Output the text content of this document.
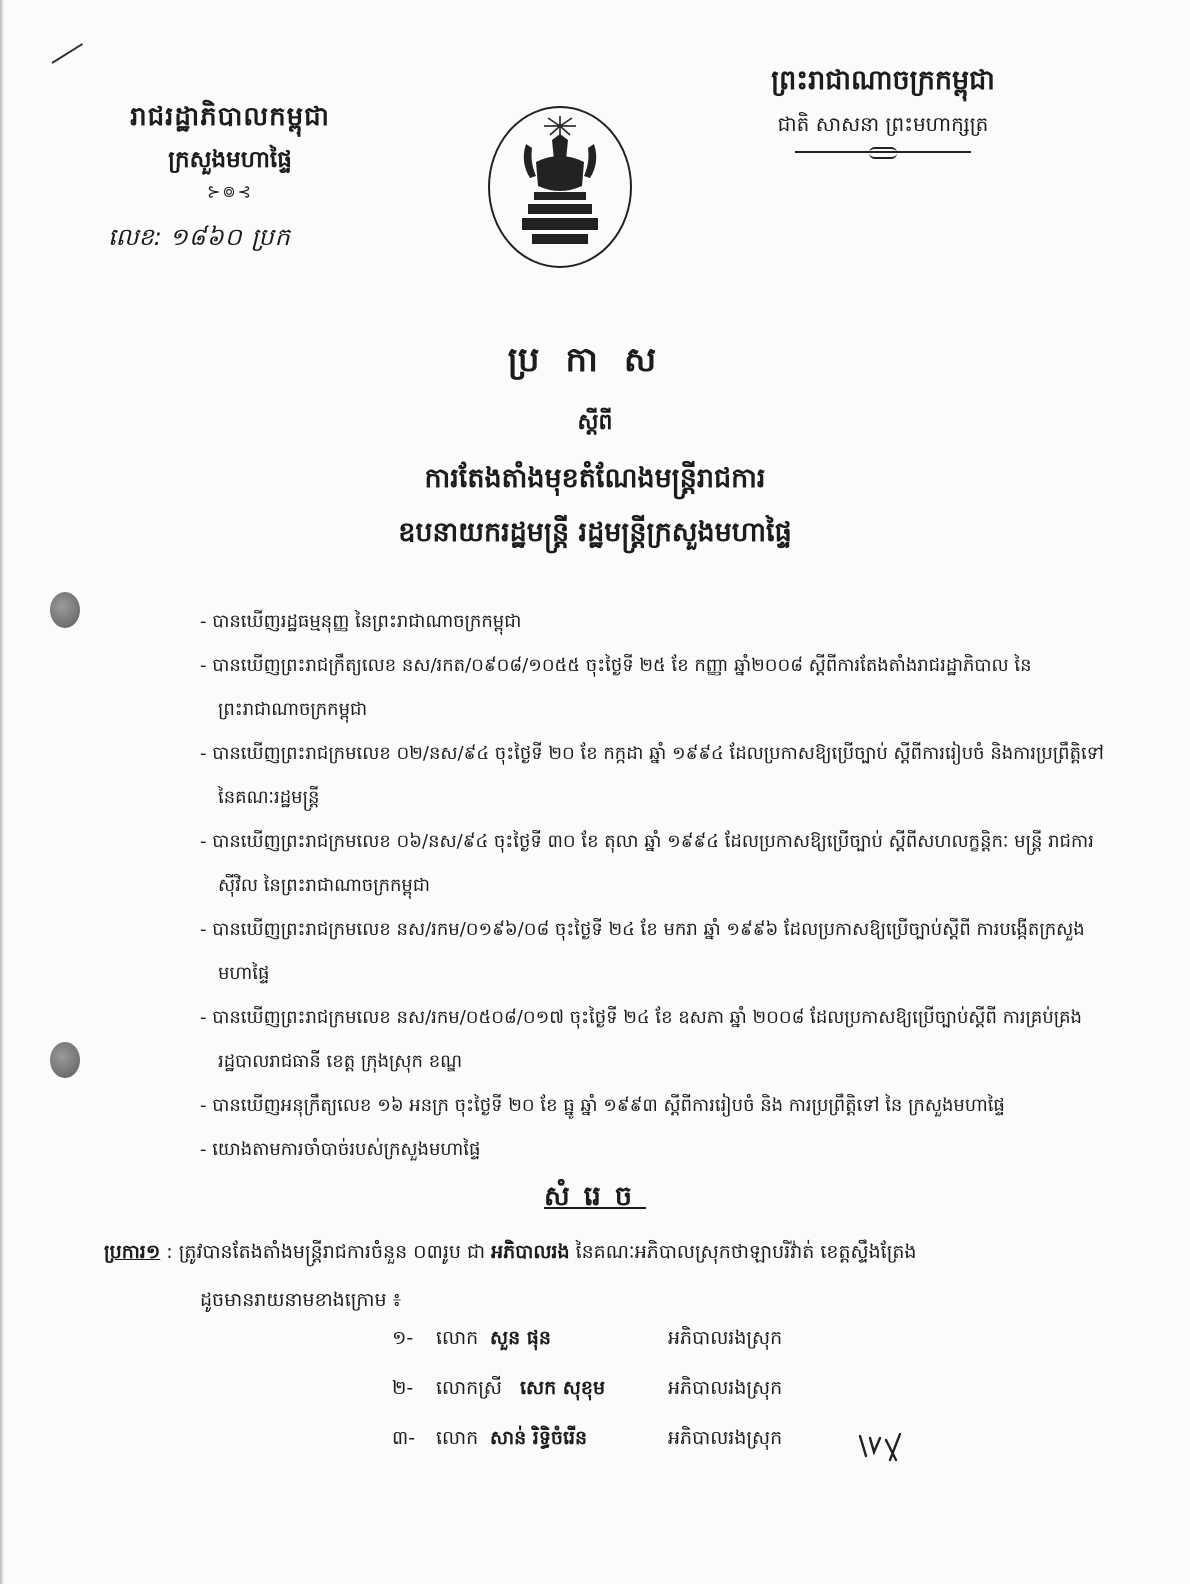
រាជរដ្ឋាភិបាលកម្ពុជា
ក្រសួងមហាផ្ទៃ
⊱៙⊰
លេខ: ១៨៦០ ប្រក
ព្រះរាជាណាចក្រកម្ពុជា
ជាតិ សាសនា ព្រះមហាក្សត្រ
ប្រកាស
ស្តីពី
ការតែងតាំងមុខតំណែងមន្ត្រីរាជការ
ឧបនាយករដ្ឋមន្ត្រី រដ្ឋមន្ត្រីក្រសួងមហាផ្ទៃ
- បានឃើញរដ្ឋធម្មនុញ្ញ នៃព្រះរាជាណាចក្រកម្ពុជា
- បានឃើញព្រះរាជក្រឹត្យលេខ នស/រកត/០៩០៨/១០៥៥ ចុះថ្ងៃទី ២៥ ខែ កញ្ញា ឆ្នាំ២០០៨ ស្តីពីការតែងតាំងរាជរដ្ឋាភិបាល នៃព្រះរាជាណាចក្រកម្ពុជា
- បានឃើញព្រះរាជក្រមលេខ ០២/នស/៩៤ ចុះថ្ងៃទី ២០ ខែ កក្កដា ឆ្នាំ ១៩៩៤ ដែលប្រកាសឱ្យប្រើច្បាប់ ស្តីពីការរៀបចំ និងការប្រព្រឹត្តិទៅ នៃគណៈរដ្ឋមន្ត្រី
- បានឃើញព្រះរាជក្រមលេខ ០៦/នស/៩៤ ចុះថ្ងៃទី ៣០ ខែ តុលា ឆ្នាំ ១៩៩៤ ដែលប្រកាសឱ្យប្រើច្បាប់ ស្តីពីសហលក្ខន្តិកៈ មន្ត្រី រាជការស៊ីវិល នៃព្រះរាជាណាចក្រកម្ពុជា
- បានឃើញព្រះរាជក្រមលេខ នស/រកម/០១៩៦/០៨ ចុះថ្ងៃទី ២៤ ខែ មករា ឆ្នាំ ១៩៩៦ ដែលប្រកាសឱ្យប្រើច្បាប់ស្តីពី ការបង្កើតក្រសួងមហាផ្ទៃ
- បានឃើញព្រះរាជក្រមលេខ នស/រកម/០៥០៨/០១៧ ចុះថ្ងៃទី ២៤ ខែ ឧសភា ឆ្នាំ ២០០៨ ដែលប្រកាសឱ្យប្រើច្បាប់ស្តីពី ការគ្រប់គ្រងរដ្ឋបាលរាជធានី ខេត្ត ក្រុងស្រុក ខណ្ឌ
- បានឃើញអនុក្រឹត្យលេខ ១៦ អនក្រ ចុះថ្ងៃទី ២០ ខែ ធ្នូ ឆ្នាំ ១៩៩៣ ស្តីពីការរៀបចំ និង ការប្រព្រឹត្តិទៅ នៃ ក្រសួងមហាផ្ទៃ
- យោងតាមការចាំបាច់របស់ក្រសួងមហាផ្ទៃ
សំរេច
ប្រការ១ : ត្រូវបានតែងតាំងមន្ត្រីរាជការចំនួន ០៣រូប ជា អភិបាលរង នៃគណៈអភិបាលស្រុកថាឡាបរិវ៉ាត់ ខេត្តស្ទឹងត្រែង
ដូចមានរាយនាមខាងក្រោម ៖
១-	លោក សួន ផុន	អភិបាលរងស្រុក
២-	លោកស្រី សេក សុខុម	អភិបាលរងស្រុក
៣-	លោក សាន់ រិទ្ធិចំរើន	អភិបាលរងស្រុក
